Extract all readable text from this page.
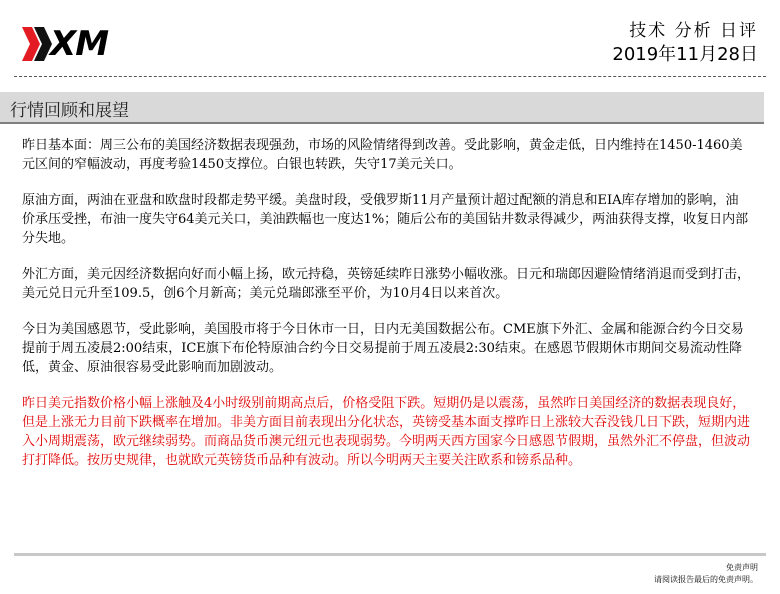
XM	技术 分析 日评
2019年11月28日
行情回顾和展望

昨日基本面：周三公布的美国经济数据表现强劲，市场的风险情绪得到改善。受此影响，黄金走低，日内维持在1450-1460美元区间的窄幅波动，再度考验1450支撑位。白银也转跌，失守17美元关口。

原油方面，两油在亚盘和欧盘时段都走势平缓。美盘时段，受俄罗斯11月产量预计超过配额的消息和EIA库存增加的影响，油价承压受挫，布油一度失守64美元关口，美油跌幅也一度达1%；随后公布的美国钻井数录得减少，两油获得支撑，收复日内部分失地。

外汇方面，美元因经济数据向好而小幅上扬，欧元持稳，英镑延续昨日涨势小幅收涨。日元和瑞郎因避险情绪消退而受到打击，美元兑日元升至109.5，创6个月新高；美元兑瑞郎涨至平价，为10月4日以来首次。

今日为美国感恩节，受此影响，美国股市将于今日休市一日，日内无美国数据公布。CME旗下外汇、金属和能源合约今日交易提前于周五凌晨2:00结束，ICE旗下布伦特原油合约今日交易提前于周五凌晨2:30结束。在感恩节假期休市期间交易流动性降低，黄金、原油很容易受此影响而加剧波动。

昨日美元指数价格小幅上涨触及4小时级别前期高点后，价格受阻下跌。短期仍是以震荡，虽然昨日美国经济的数据表现良好，但是上涨无力目前下跌概率在增加。非美方面目前表现出分化状态，英镑受基本面支撑昨日上涨较大吞没钱几日下跌，短期内进入小周期震荡，欧元继续弱势。而商品货币澳元纽元也表现弱势。今明两天西方国家今日感恩节假期，虽然外汇不停盘，但波动打打降低。按历史规律，也就欧元英镑货币品种有波动。所以今明两天主要关注欧系和镑系品种。

免责声明
请阅读报告最后的免责声明。
